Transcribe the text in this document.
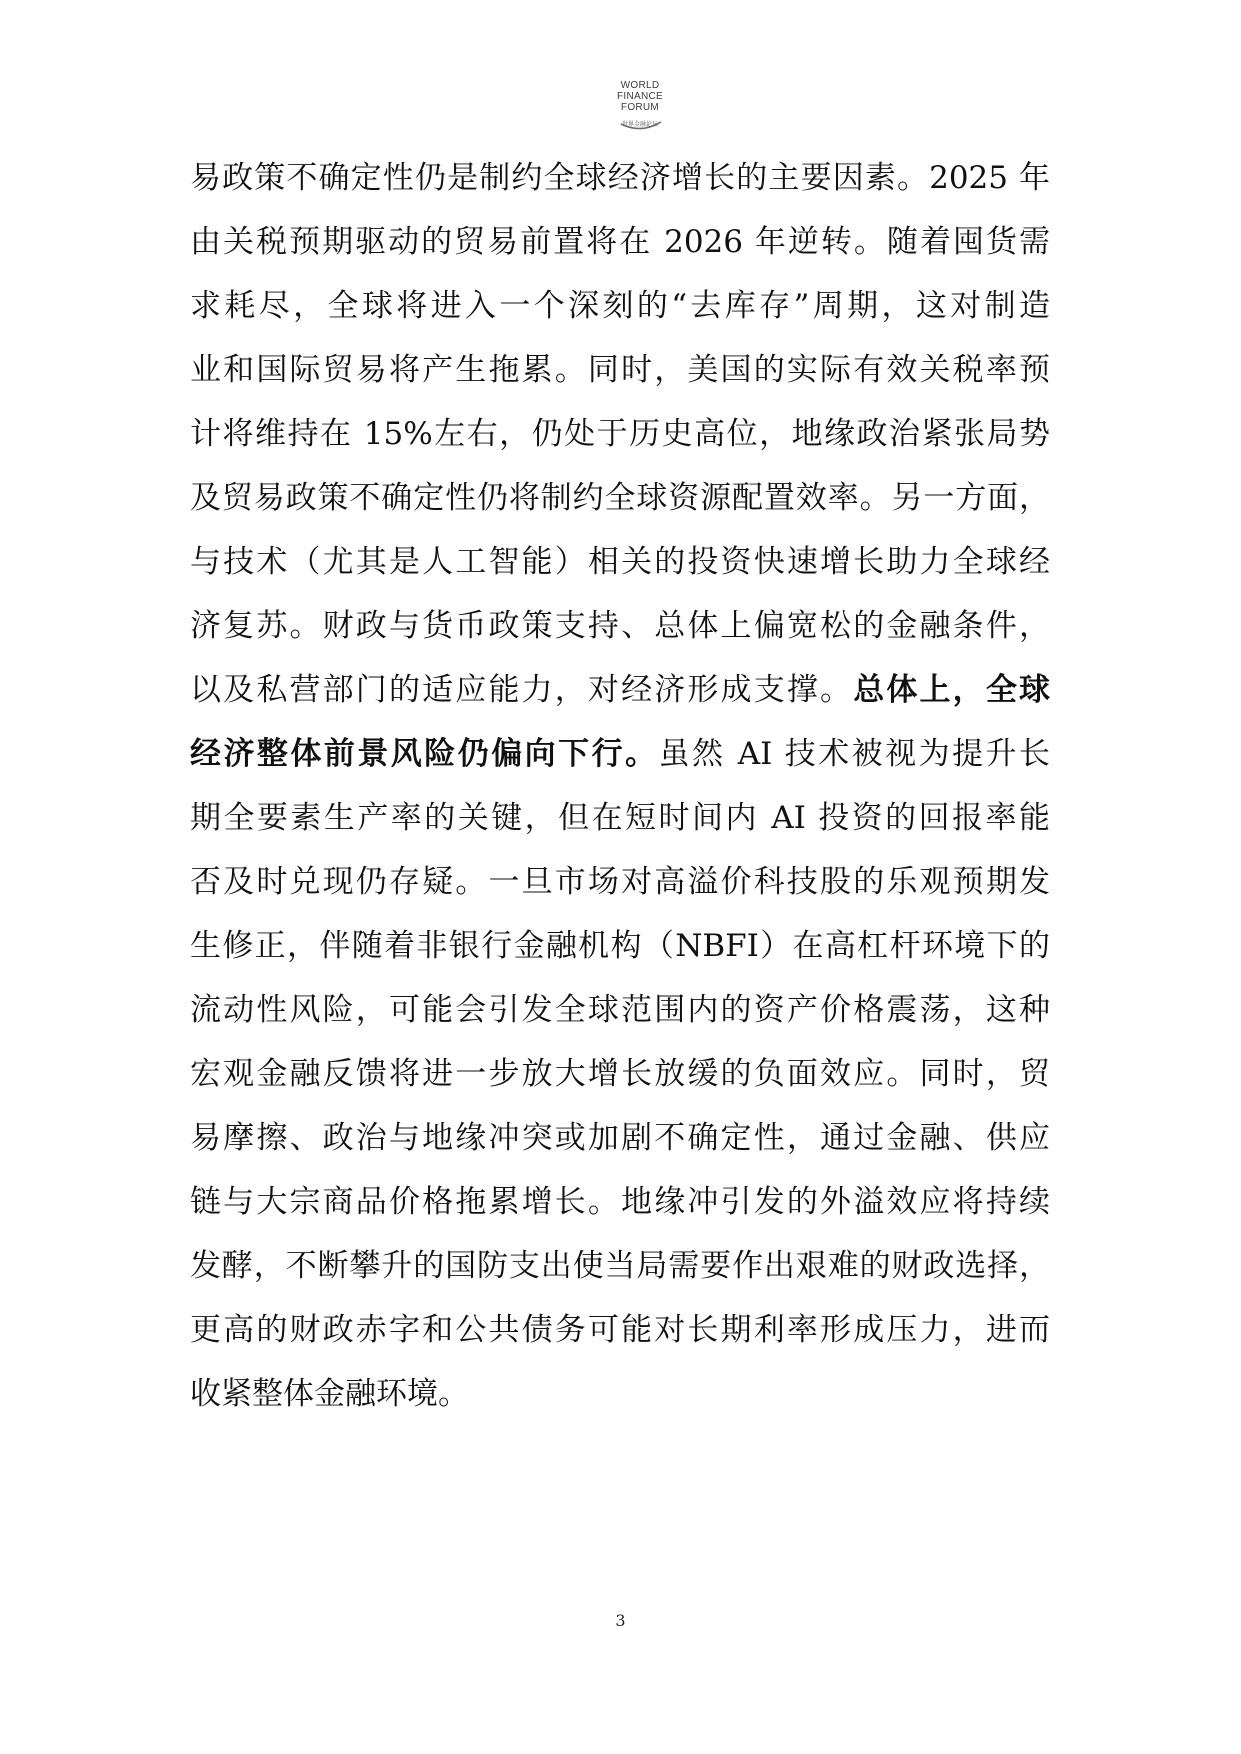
WORLD
FINANCE
FORUM
世界金融论坛
易政策不确定性仍是制约全球经济增长的主要因素。2025 年
由关税预期驱动的贸易前置将在 2026 年逆转。随着囤货需
求耗尽，全球将进入一个深刻的“去库存”周期，这对制造
业和国际贸易将产生拖累。同时，美国的实际有效关税率预
计将维持在 15%左右，仍处于历史高位，地缘政治紧张局势
及贸易政策不确定性仍将制约全球资源配置效率。另一方面，
与技术（尤其是人工智能）相关的投资快速增长助力全球经
济复苏。财政与货币政策支持、总体上偏宽松的金融条件，
以及私营部门的适应能力，对经济形成支撑。总体上，全球
经济整体前景风险仍偏向下行。虽然 AI 技术被视为提升长
期全要素生产率的关键，但在短时间内 AI 投资的回报率能
否及时兑现仍存疑。一旦市场对高溢价科技股的乐观预期发
生修正，伴随着非银行金融机构（NBFI）在高杠杆环境下的
流动性风险，可能会引发全球范围内的资产价格震荡，这种
宏观金融反馈将进一步放大增长放缓的负面效应。同时，贸
易摩擦、政治与地缘冲突或加剧不确定性，通过金融、供应
链与大宗商品价格拖累增长。地缘冲引发的外溢效应将持续
发酵，不断攀升的国防支出使当局需要作出艰难的财政选择，
更高的财政赤字和公共债务可能对长期利率形成压力，进而
收紧整体金融环境。
3
